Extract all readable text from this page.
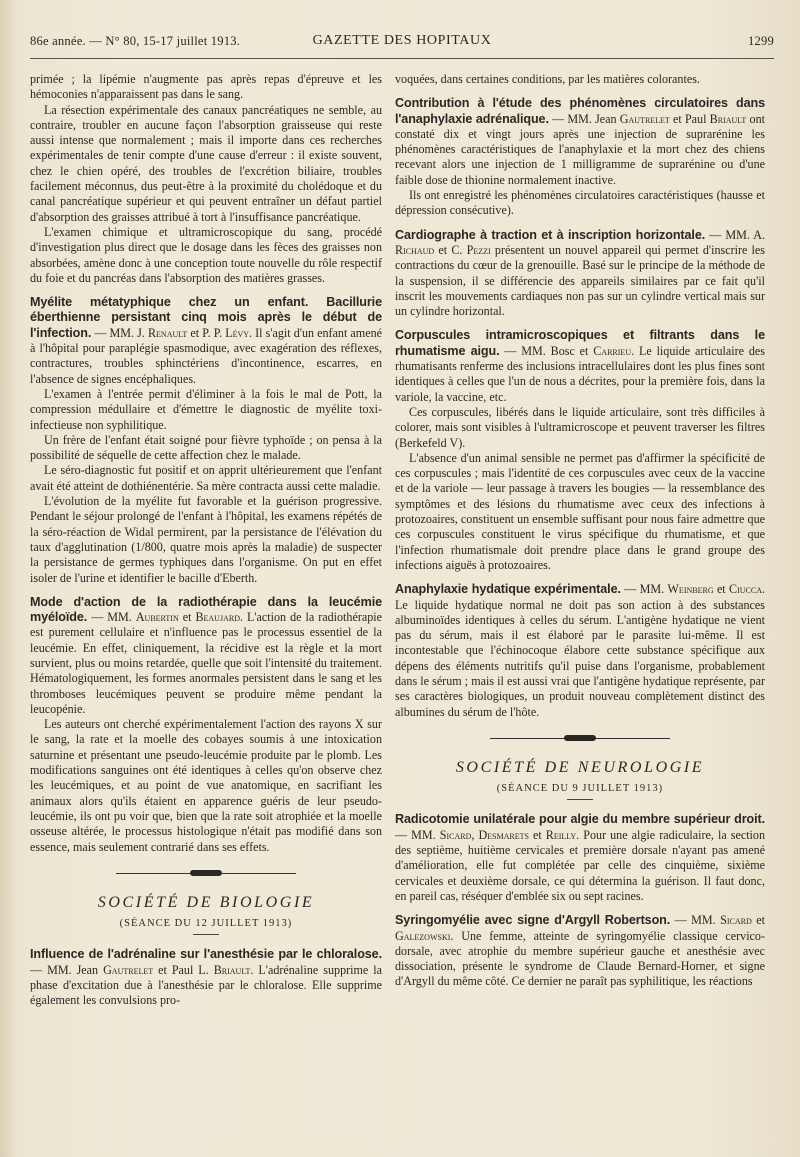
86e année. — N° 80, 15-17 juillet 1913.	GAZETTE DES HOPITAUX	1299

primée ; la lipémie n'augmente pas après repas d'épreuve et les hémoconies n'apparaissent pas dans le sang.

La résection expérimentale des canaux pancréatiques ne semble, au contraire, troubler en aucune façon l'absorption graisseuse qui reste aussi intense que normalement ; mais il importe dans ces recherches expérimentales de tenir compte d'une cause d'erreur : il existe souvent, chez le chien opéré, des troubles de l'excrétion biliaire, troubles facilement méconnus, dus peut-être à la proximité du cholédoque et du canal pancréatique supérieur et qui peuvent entraîner un défaut partiel d'absorption des graisses attribué à tort à l'insuffisance pancréatique.

L'examen chimique et ultramicroscopique du sang, procédé d'investigation plus direct que le dosage dans les fèces des graisses non absorbées, amène donc à une conception toute nouvelle du rôle respectif du foie et du pancréas dans l'absorption des matières grasses.

Myélite métatyphique chez un enfant. Bacillurie éberthienne persistant cinq mois après le début de l'infection. — MM. J. Renault et P. P. Lévy. Il s'agit d'un enfant amené à l'hôpital pour paraplégie spasmodique, avec exagération des réflexes, contractures, troubles sphinctériens d'incontinence, escarres, en l'absence de signes encéphaliques.

L'examen à l'entrée permit d'éliminer à la fois le mal de Pott, la compression médullaire et d'émettre le diagnostic de myélite toxi-infectieuse non syphilitique.

Un frère de l'enfant était soigné pour fièvre typhoïde ; on pensa à la possibilité de séquelle de cette affection chez le malade.

Le séro-diagnostic fut positif et on apprit ultérieurement que l'enfant avait été atteint de dothiénentérie. Sa mère contracta aussi cette maladie.

L'évolution de la myélite fut favorable et la guérison progressive. Pendant le séjour prolongé de l'enfant à l'hôpital, les examens répétés de la séro-réaction de Widal permirent, par la persistance de l'élévation du taux d'agglutination (1/800, quatre mois après la maladie) de suspecter la persistance de germes typhiques dans l'organisme. On put en effet isoler de l'urine et identifier le bacille d'Eberth.

Mode d'action de la radiothérapie dans la leucémie myéloïde. — MM. Aubertin et Beaujard. L'action de la radiothérapie est purement cellulaire et n'influence pas le processus essentiel de la leucémie. En effet, cliniquement, la récidive est la règle et la mort survient, plus ou moins retardée, quelle que soit l'intensité du traitement. Hématologiquement, les formes anormales persistent dans le sang et les thromboses leucémiques peuvent se produire même pendant la leucopénie.

Les auteurs ont cherché expérimentalement l'action des rayons X sur le sang, la rate et la moelle des cobayes soumis à une intoxication saturnine et présentant une pseudo-leucémie produite par le plomb. Les modifications sanguines ont été identiques à celles qu'on observe chez les leucémiques, et au point de vue anatomique, en sacrifiant les animaux alors qu'ils étaient en apparence guéris de leur pseudo-leucémie, ils ont pu voir que, bien que la rate soit atrophiée et la moelle osseuse altérée, le processus histologique n'était pas modifié dans son essence, mais seulement contrarié dans ses effets.

SOCIÉTÉ DE BIOLOGIE
(SÉANCE DU 12 JUILLET 1913)

Influence de l'adrénaline sur l'anesthésie par le chloralose. — MM. Jean Gautrelet et Paul L. Briault. L'adrénaline supprime la phase d'excitation due à l'anesthésie par le chloralose. Elle supprime également les convulsions pro-

voquées, dans certaines conditions, par les matières colorantes.

Contribution à l'étude des phénomènes circulatoires dans l'anaphylaxie adrénalique. — MM. Jean Gautrelet et Paul Briault ont constaté dix et vingt jours après une injection de suprarénine les phénomènes caractéristiques de l'anaphylaxie et la mort chez des chiens recevant alors une injection de 1 milligramme de suprarénine ou d'une faible dose de thionine normalement inactive.

Ils ont enregistré les phénomènes circulatoires caractéristiques (hausse et dépression consécutive).

Cardiographe à traction et à inscription horizontale. — MM. A. Richaud et C. Pezzi présentent un nouvel appareil qui permet d'inscrire les contractions du cœur de la grenouille. Basé sur le principe de la méthode de la suspension, il se différencie des appareils similaires par ce fait qu'il inscrit les mouvements cardiaques non pas sur un cylindre vertical mais sur un cylindre horizontal.

Corpuscules intramicroscopiques et filtrants dans le rhumatisme aigu. — MM. Bosc et Carrieu. Le liquide articulaire des rhumatisants renferme des inclusions intracellulaires dont les plus fines sont identiques à celles que l'un de nous a décrites, pour la première fois, dans la variole, la vaccine, etc.

Ces corpuscules, libérés dans le liquide articulaire, sont très difficiles à colorer, mais sont visibles à l'ultramicroscope et peuvent traverser les filtres (Berkefeld V).

L'absence d'un animal sensible ne permet pas d'affirmer la spécificité de ces corpuscules ; mais l'identité de ces corpuscules avec ceux de la vaccine et de la variole — leur passage à travers les bougies — la ressemblance des symptômes et des lésions du rhumatisme avec ceux des infections à protozoaires, constituent un ensemble suffisant pour nous faire admettre que ces corpuscules constituent le virus spécifique du rhumatisme, et que l'infection rhumatismale doit prendre place dans le grand groupe des infections aiguës à protozoaires.

Anaphylaxie hydatique expérimentale. — MM. Weinberg et Ciucca. Le liquide hydatique normal ne doit pas son action à des substances albuminoïdes identiques à celles du sérum. L'antigène hydatique ne vient pas du sérum, mais il est élaboré par le parasite lui-même. Il est incontestable que l'échinocoque élabore cette substance spécifique aux dépens des éléments nutritifs qu'il puise dans l'organisme, probablement dans le sérum ; mais il est aussi vrai que l'antigène hydatique représente, par ses caractères biologiques, un produit nouveau complètement distinct des albumines du sérum de l'hôte.

SOCIÉTÉ DE NEUROLOGIE
(SÉANCE DU 9 JUILLET 1913)

Radicotomie unilatérale pour algie du membre supérieur droit. — MM. Sicard, Desmarets et Reilly. Pour une algie radiculaire, la section des septième, huitième cervicales et première dorsale n'ayant pas amené d'amélioration, elle fut complétée par celle des cinquième, sixième cervicales et deuxième dorsale, ce qui détermina la guérison. Il faut donc, en pareil cas, réséquer d'emblée six ou sept racines.

Syringomyélie avec signe d'Argyll Robertson. — MM. Sicard et Galezowski. Une femme, atteinte de syringomyélie classique cervico-dorsale, avec atrophie du membre supérieur gauche et anesthésie avec dissociation, présente le syndrome de Claude Bernard-Horner, et signe d'Argyll du même côté. Ce dernier ne paraît pas syphilitique, les réactions
